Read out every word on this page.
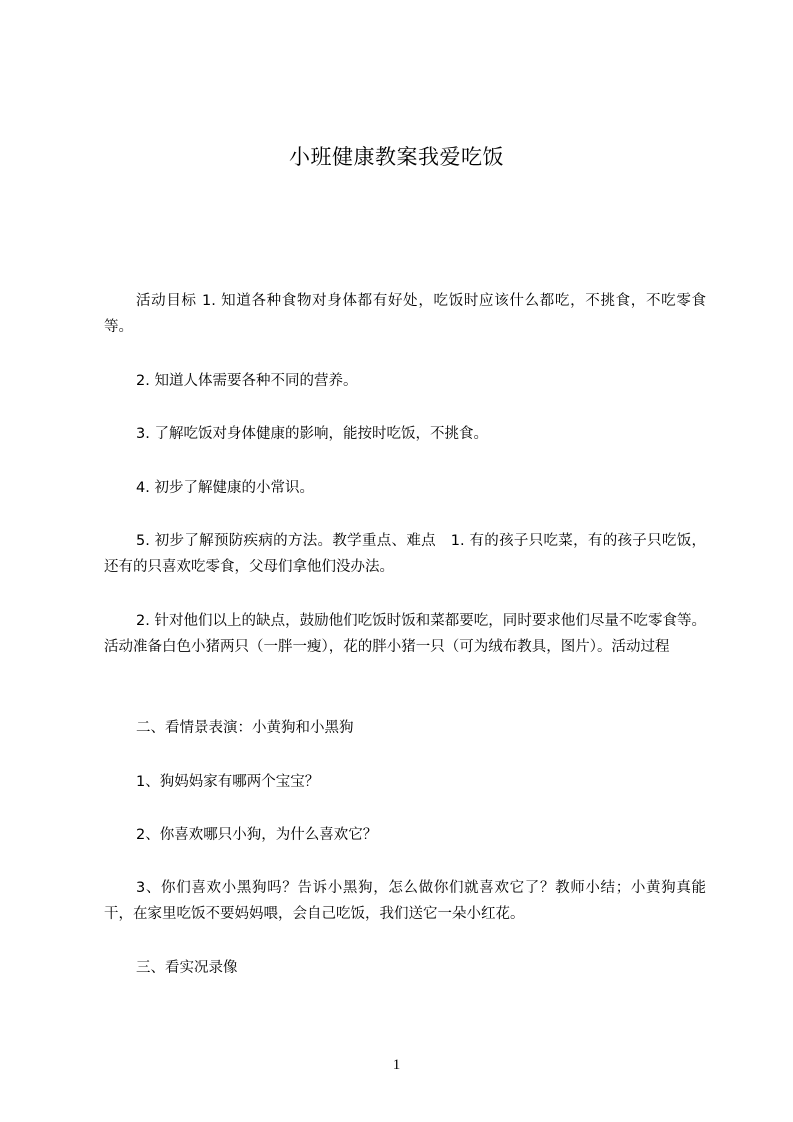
小班健康教案我爱吃饭
活动目标 1. 知道各种食物对身体都有好处，吃饭时应该什么都吃，不挑食，不吃零食等。
2. 知道人体需要各种不同的营养。
3. 了解吃饭对身体健康的影响，能按时吃饭，不挑食。
4. 初步了解健康的小常识。
5. 初步了解预防疾病的方法。教学重点、难点　1. 有的孩子只吃菜，有的孩子只吃饭，还有的只喜欢吃零食，父母们拿他们没办法。
2. 针对他们以上的缺点，鼓励他们吃饭时饭和菜都要吃，同时要求他们尽量不吃零食等。活动准备白色小猪两只（一胖一瘦），花的胖小猪一只（可为绒布教具，图片）。活动过程
二、看情景表演：小黄狗和小黑狗
1、狗妈妈家有哪两个宝宝？
2、你喜欢哪只小狗，为什么喜欢它？
3、你们喜欢小黑狗吗？告诉小黑狗，怎么做你们就喜欢它了？教师小结；小黄狗真能干，在家里吃饭不要妈妈喂，会自己吃饭，我们送它一朵小红花。
三、看实况录像
1
